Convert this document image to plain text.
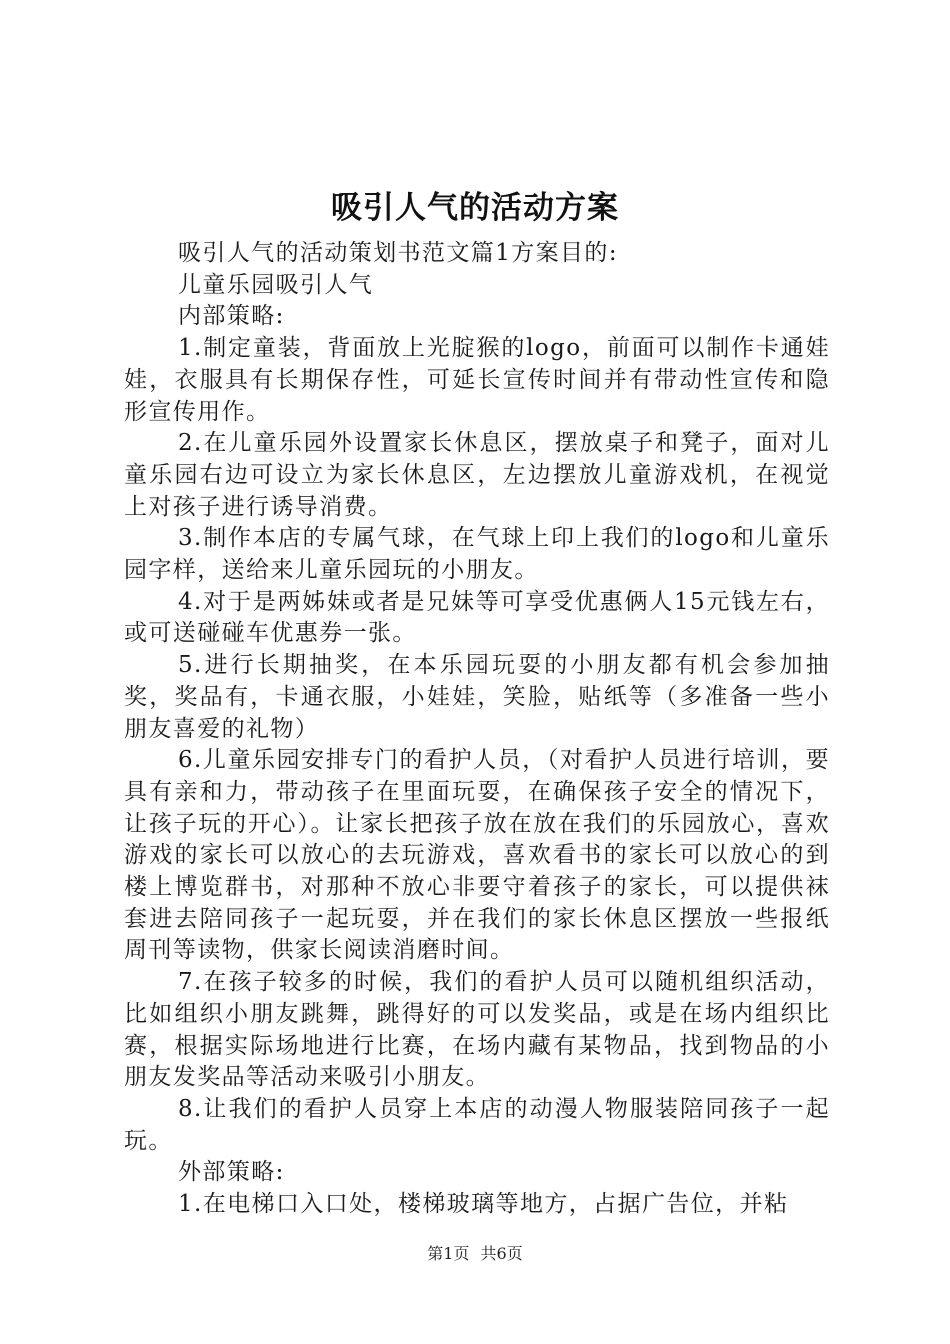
吸引人气的活动方案

吸引人气的活动策划书范文篇1方案目的:

儿童乐园吸引人气

内部策略:

1.制定童装，背面放上光腚猴的logo，前面可以制作卡通娃娃，衣服具有长期保存性，可延长宣传时间并有带动性宣传和隐形宣传用作。

2.在儿童乐园外设置家长休息区，摆放桌子和凳子，面对儿童乐园右边可设立为家长休息区，左边摆放儿童游戏机，在视觉上对孩子进行诱导消费。

3.制作本店的专属气球，在气球上印上我们的logo和儿童乐园字样，送给来儿童乐园玩的小朋友。

4.对于是两姊妹或者是兄妹等可享受优惠俩人15元钱左右，或可送碰碰车优惠券一张。

5.进行长期抽奖，在本乐园玩耍的小朋友都有机会参加抽奖，奖品有，卡通衣服，小娃娃，笑脸，贴纸等（多准备一些小朋友喜爱的礼物）

6.儿童乐园安排专门的看护人员，（对看护人员进行培训，要具有亲和力，带动孩子在里面玩耍，在确保孩子安全的情况下，让孩子玩的开心）。让家长把孩子放在放在我们的乐园放心，喜欢游戏的家长可以放心的去玩游戏，喜欢看书的家长可以放心的到楼上博览群书，对那种不放心非要守着孩子的家长，可以提供袜套进去陪同孩子一起玩耍，并在我们的家长休息区摆放一些报纸周刊等读物，供家长阅读消磨时间。

7.在孩子较多的时候，我们的看护人员可以随机组织活动，比如组织小朋友跳舞，跳得好的可以发奖品，或是在场内组织比赛，根据实际场地进行比赛，在场内藏有某物品，找到物品的小朋友发奖品等活动来吸引小朋友。

8.让我们的看护人员穿上本店的动漫人物服装陪同孩子一起玩。

外部策略:

1.在电梯口入口处，楼梯玻璃等地方，占据广告位，并粘

第1页 共6页
